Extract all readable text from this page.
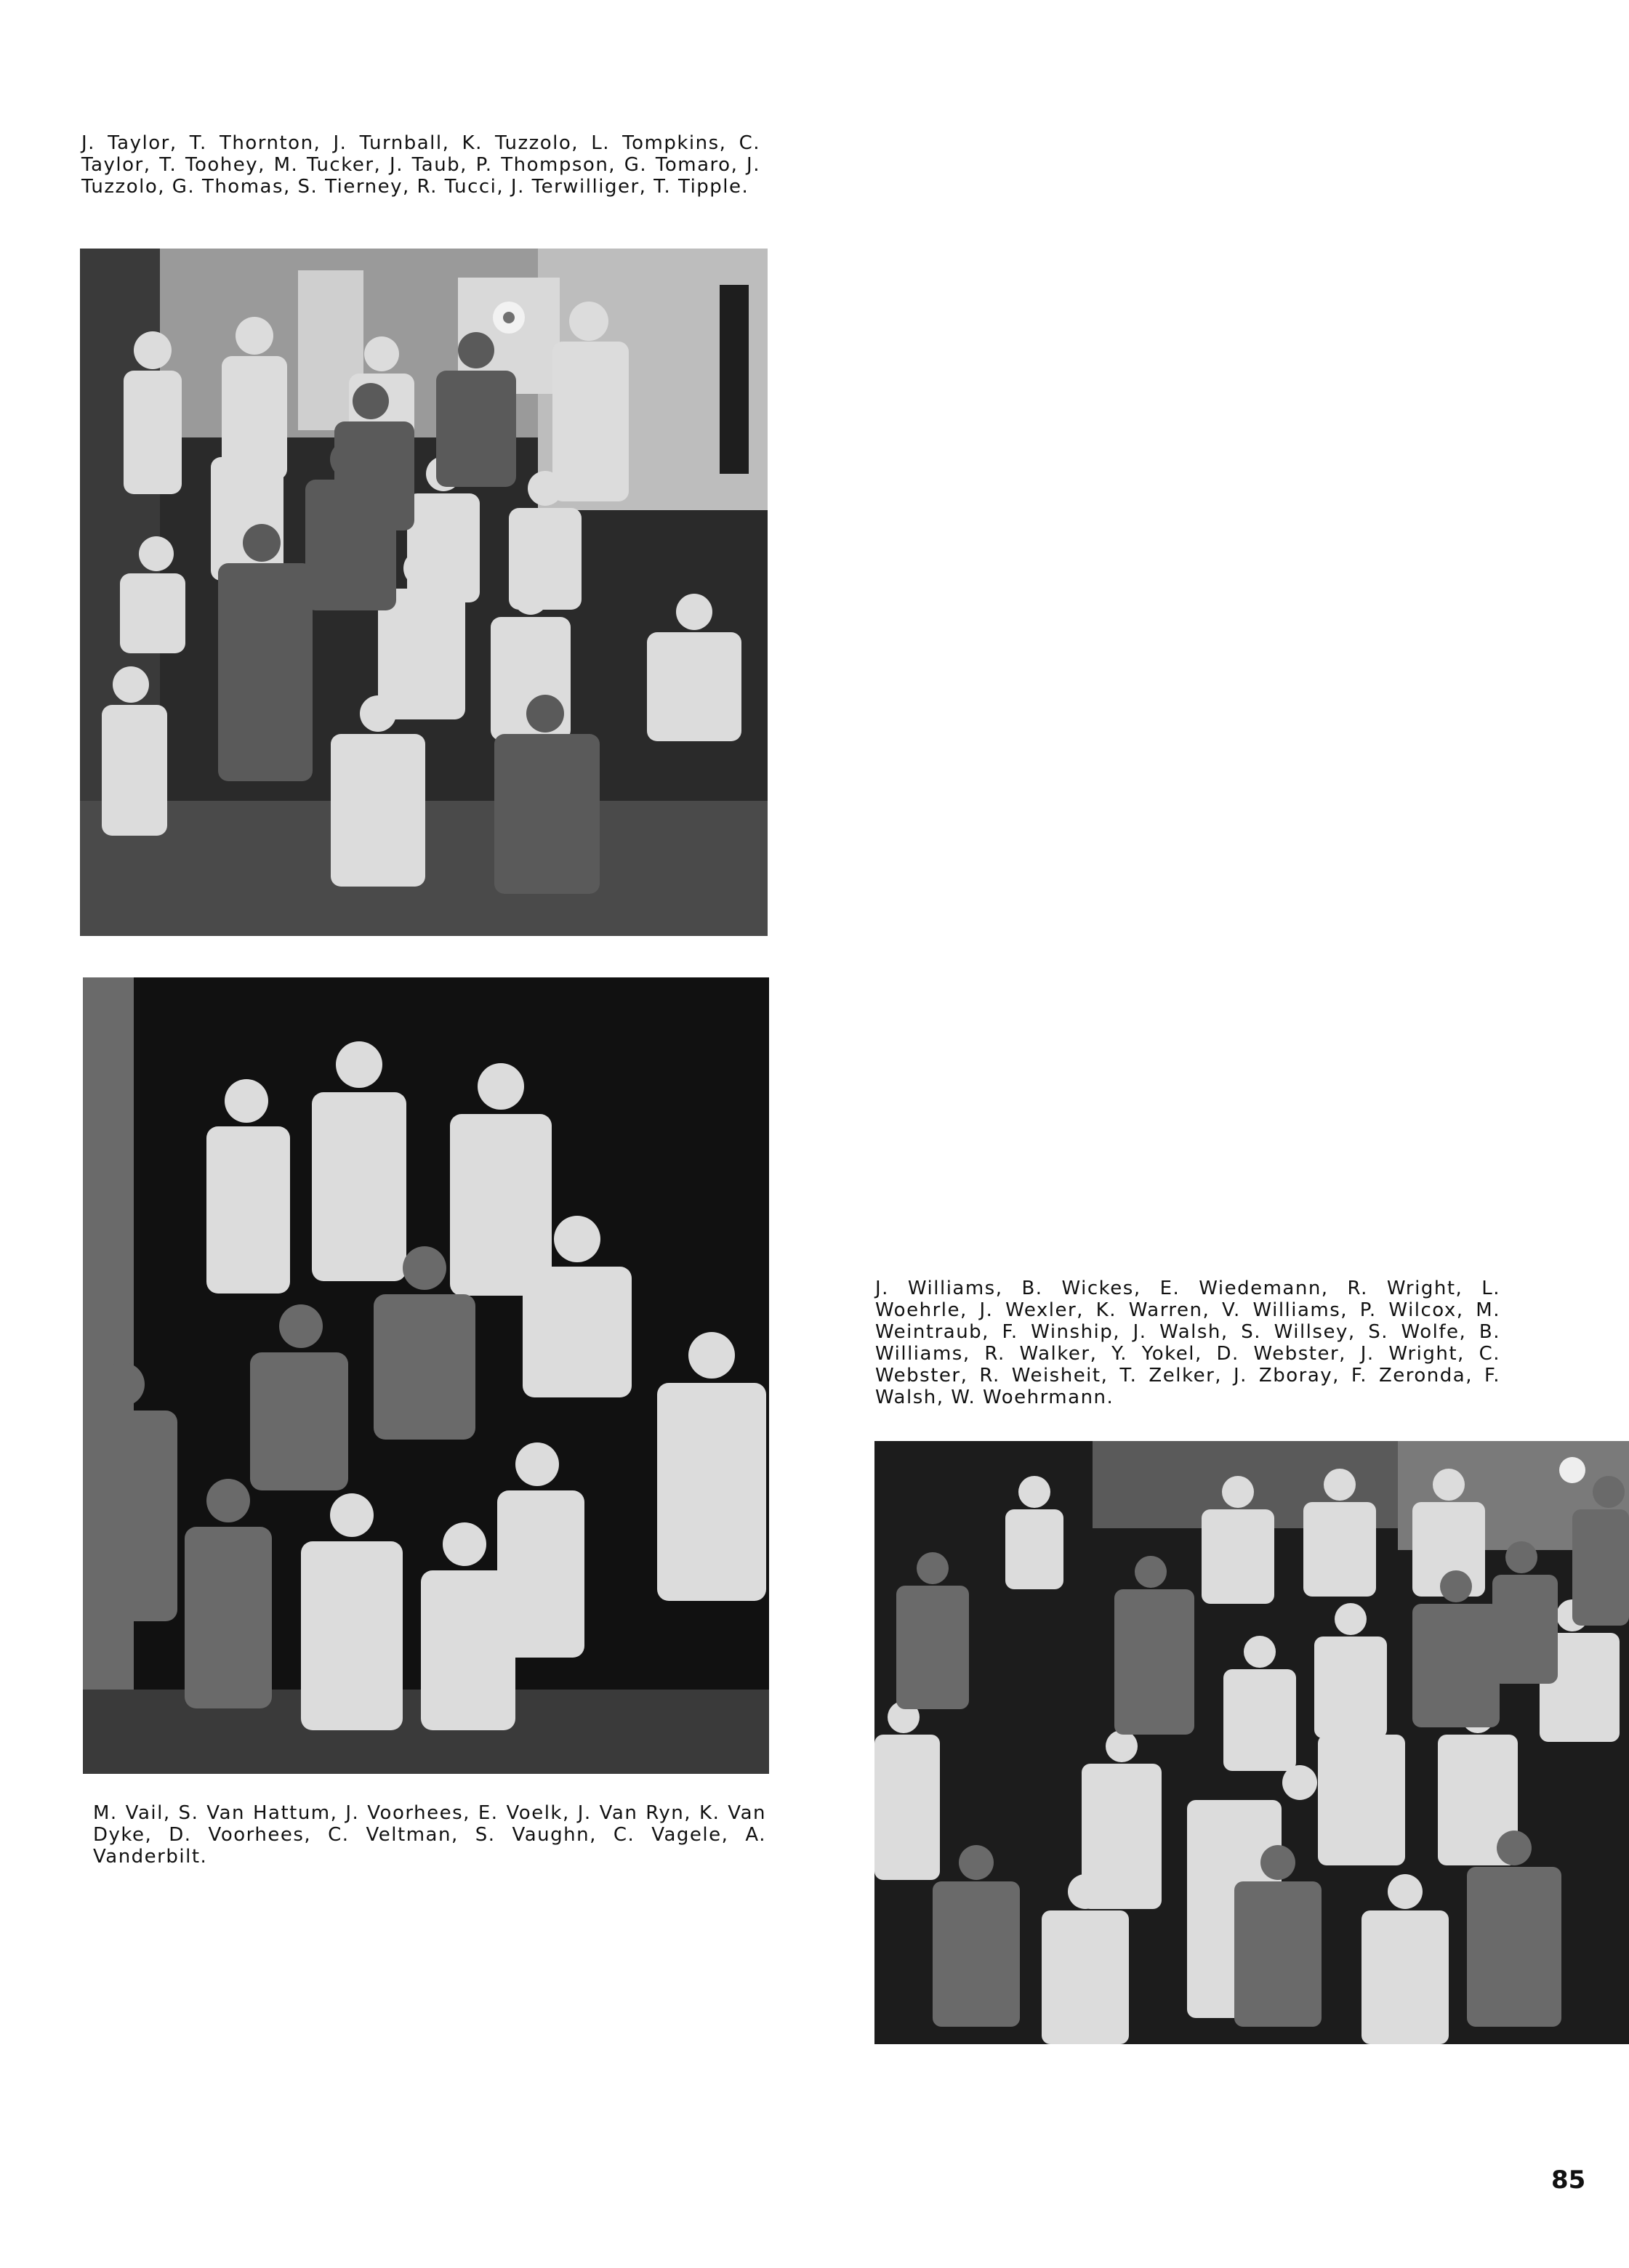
J. Taylor, T. Thornton, J. Turnball, K. Tuzzolo, L. Tompkins, C. Taylor, T. Toohey, M. Tucker, J. Taub, P. Thompson, G. Tomaro, J. Tuzzolo, G. Thomas, S. Tierney, R. Tucci, J. Terwilliger, T. Tipple.

M. Vail, S. Van Hattum, J. Voorhees, E. Voelk, J. Van Ryn, K. Van Dyke, D. Voorhees, C. Veltman, S. Vaughn, C. Vagele, A. Vanderbilt.

J. Williams, B. Wickes, E. Wiedemann, R. Wright, L. Woehrle, J. Wexler, K. Warren, V. Williams, P. Wilcox, M. Weintraub, F. Winship, J. Walsh, S. Willsey, S. Wolfe, B. Williams, R. Walker, Y. Yokel, D. Webster, J. Wright, C. Webster, R. Weisheit, T. Zelker, J. Zboray, F. Zeronda, F. Walsh, W. Woehrmann.

85
